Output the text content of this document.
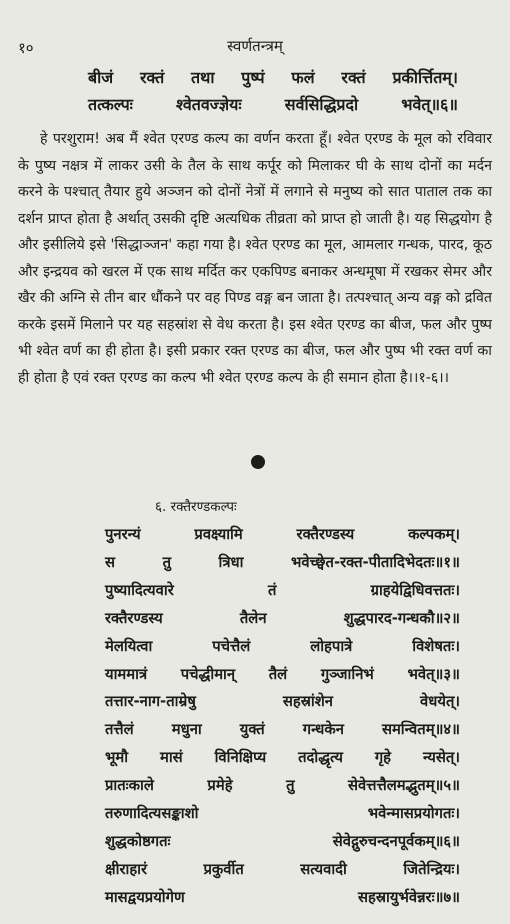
१०	स्वर्णतन्त्रम्
बीजं रक्तं तथा पुष्पं फलं रक्तं प्रकीर्त्तितम्।
तत्कल्पः	श्वेतवज्ज्ञेयः	सर्वसिद्धिप्रदो	भवेत्॥६॥

हे परशुराम! अब मैं श्वेत एरण्ड कल्प का वर्णन करता हूँ। श्वेत एरण्ड के मूल को रविवार के पुष्य नक्षत्र में लाकर उसी के तैल के साथ कर्पूर को मिलाकर घी के साथ दोनों का मर्दन करने के पश्चात् तैयार हुये अञ्जन को दोनों नेत्रों में लगाने से मनुष्य को सात पाताल तक का दर्शन प्राप्त होता है अर्थात् उसकी दृष्टि अत्यधिक तीव्रता को प्राप्त हो जाती है। यह सिद्धयोग है और इसीलिये इसे 'सिद्धाञ्जन' कहा गया है। श्वेत एरण्ड का मूल, आमलार गन्धक, पारद, कूठ और इन्द्रयव को खरल में एक साथ मर्दित कर एकपिण्ड बनाकर अन्धमूषा में रखकर सेमर और खैर की अग्नि से तीन बार धौंकने पर वह पिण्ड वङ्ग बन जाता है। तत्पश्चात् अन्य वङ्ग को द्रवित करके इसमें मिलाने पर यह सहस्रांश से वेध करता है। इस श्वेत एरण्ड का बीज, फल और पुष्प भी श्वेत वर्ण का ही होता है। इसी प्रकार रक्त एरण्ड का बीज, फल और पुष्प भी रक्त वर्ण का ही होता है एवं रक्त एरण्ड का कल्प भी श्वेत एरण्ड कल्प के ही समान होता है।।१-६।।

६. रक्तैरण्डकल्पः
पुनरन्यं	प्रवक्ष्यामि	रक्तैरण्डस्य	कल्पकम्।
स	तु	त्रिधा	भवेच्छ्वेत-रक्त-पीतादिभेदतः॥१॥
पुष्यादित्यवारे	तं	ग्राहयेद्विधिवत्ततः।
रक्तैरण्डस्य	तैलेन	शुद्धपारद-गन्धकौ॥२॥
मेलयित्वा	पचेत्तैलं	लोहपात्रे	विशेषतः।
याममात्रं पचेद्धीमान् तैलं गुञ्जानिभं भवेत्॥३॥
तत्तार-नाग-ताम्रेषु	सहस्रांशेन	वेधयेत्।
तत्तैलं	मधुना	युक्तं	गन्धकेन	समन्वितम्॥४॥
भूमौ मासं विनिक्षिप्य तदोद्धृत्य गृहे न्यसेत्।
प्रातःकाले	प्रमेहे	तु	सेवेत्तत्तैलमद्भुतम्॥५॥
तरुणादित्यसङ्काशो	भवेन्मासप्रयोगतः।
शुद्धकोष्ठगतः	सेवेद्गुरुचन्दनपूर्वकम्॥६॥
क्षीराहारं	प्रकुर्वीत	सत्यवादी	जितेन्द्रियः।
मासद्वयप्रयोगेण	सहस्रायुर्भवेन्नरः॥७॥
